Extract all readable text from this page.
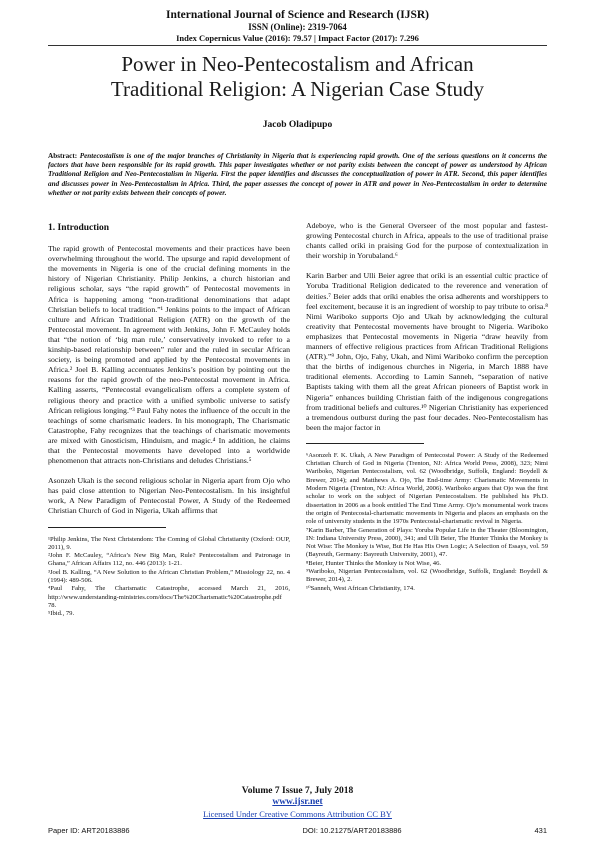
International Journal of Science and Research (IJSR)
ISSN (Online): 2319-7064
Index Copernicus Value (2016): 79.57 | Impact Factor (2017): 7.296
Power in Neo-Pentecostalism and African
Traditional Religion: A Nigerian Case Study
Jacob Oladipupo
Abstract: Pentecostalism is one of the major branches of Christianity in Nigeria that is experiencing rapid growth. One of the serious questions on it concerns the factors that have been responsible for its rapid growth. This paper investigates whether or not parity exists between the concept of power as understood by African Traditional Religion and Neo-Pentecostalism in Nigeria. First the paper identifies and discusses the conceptualization of power in ATR. Second, this paper identifies and discusses power in Neo-Pentecostalism in Africa. Third, the paper assesses the concept of power in ATR and power in Neo-Pentecostalism in order to determine whether or not parity exists between their concepts of power.
1. Introduction

The rapid growth of Pentecostal movements and their practices have been overwhelming throughout the world. The upsurge and rapid development of the movements in Nigeria is one of the crucial defining moments in the history of Nigerian Christianity. Philip Jenkins, a church historian and religious scholar, says “the rapid growth” of Pentecostal movements in Africa is happening among “non-traditional denominations that adapt Christian beliefs to local tradition.”¹ Jenkins points to the impact of African culture and African Traditional Religion (ATR) on the growth of the Pentecostal movement. In agreement with Jenkins, John F. McCauley holds that “the notion of ‘big man rule,’ conservatively invoked to refer to a kinship-based relationship between” ruler and the ruled in secular African society, is being promoted and applied by the Pentecostal movements in Africa.² Joel B. Kalling accentuates Jenkins’s position by pointing out the reasons for the rapid growth of the neo-Pentecostal movement in Africa. Kalling asserts, “Pentecostal evangelicalism offers a complete system of religious theory and practice with a unified symbolic universe to satisfy African religious longing.”³ Paul Fahy notes the influence of the occult in the teachings of some charismatic leaders. In his monograph, The Charismatic Catastrophe, Fahy recognizes that the teachings of charismatic movements are mixed with Gnosticism, Hinduism, and magic.⁴ In addition, he claims that the Pentecostal movements have developed into a worldwide phenomenon that attracts non-Christians and deludes Christians.⁵

Asonzeh Ukah is the second religious scholar in Nigeria apart from Ojo who has paid close attention to Nigerian Neo-Pentecostalism. In his insightful work, A New Paradigm of Pentecostal Power, A Study of the Redeemed Christian Church of God in Nigeria, Ukah affirms that

¹Philip Jenkins, The Next Christendom: The Coming of Global Christianity (Oxford: OUP, 2011), 9.
²John F. McCauley, “Africa’s New Big Man, Rule? Pentecostalism and Patronage in Ghana,” African Affairs 112, no. 446 (2013): 1-21.
³Joel B. Kalling, “A New Solution to the African Christian Problem,” Missiology 22, no. 4 (1994): 489-506.
⁴Paul Fahy, The Charismatic Catastrophe, accessed March 21, 2016, http://www.understanding-ministries.com/docs/The%20Charismatic%20Catastrophe.pdf 78.
⁵Ibid., 79.

Adeboye, who is the General Overseer of the most popular and fastest-growing Pentecostal church in Africa, appeals to the use of traditional praise chants called oríkì in praising God for the purpose of contextualization in their worship in Yorubaland.⁶

Karin Barber and Ulli Beier agree that oríkì is an essential cultic practice of Yoruba Traditional Religion dedicated to the reverence and veneration of deities.⁷ Beier adds that oríkì enables the orisa adherents and worshippers to feel excitement, because it is an ingredient of worship to pay tribute to orisa.⁸ Nimi Wariboko supports Ojo and Ukah by acknowledging the cultural creativity that Pentecostal movements have brought to Nigeria. Wariboko emphasizes that Pentecostal movements in Nigeria “draw heavily from manners of effective religious practices from African Traditional Religions (ATR).”⁹ John, Ojo, Fahy, Ukah, and Nimi Wariboko confirm the perception that the births of indigenous churches in Nigeria, in March 1888 have traditional elements. According to Lamin Sanneh, “separation of native Baptists taking with them all the great African pioneers of Baptist work in Nigeria” enhances building Christian faith of the indigenous congregations from traditional beliefs and cultures.¹⁰ Nigerian Christianity has experienced a tremendous outburst during the past four decades. Neo-Pentecostalism has been the major factor in

⁶Asonzeh F. K. Ukah, A New Paradigm of Pentecostal Power: A Study of the Redeemed Christian Church of God in Nigeria (Trenton, NJ: Africa World Press, 2008), 323; Nimi Wariboko, Nigerian Pentecostalism, vol. 62 (Woodbridge, Suffolk, England: Boydell & Brewer, 2014); and Matthews A. Ojo, The End-time Army: Charismatic Movements in Modern Nigeria (Trenton, NJ: Africa World, 2006). Wariboko argues that Ojo was the first scholar to work on the subject of Nigerian Pentecostalism. He published his Ph.D. dissertation in 2006 as a book entitled The End Time Army. Ojo’s monumental work traces the origin of Pentecostal-charismatic movements in Nigeria and places an emphasis on the role of university students in the 1970s Pentecostal-charismatic revival in Nigeria.
⁷Karin Barber, The Generation of Plays: Yoruba Popular Life in the Theater (Bloomington, IN: Indiana University Press, 2000), 341; and Ulli Beier, The Hunter Thinks the Monkey is Not Wise: The Monkey is Wise, But He Has His Own Logic; A Selection of Essays, vol. 59 (Bayreuth, Germany: Bayreuth University, 2001), 47.
⁸Beier, Hunter Thinks the Monkey is Not Wise, 46.
⁹Wariboko, Nigerian Pentecostalism, vol. 62 (Woodbridge, Suffolk, England: Boydell & Brewer, 2014), 2.
¹⁰Sanneh, West African Christianity, 174.
Volume 7 Issue 7, July 2018
www.ijsr.net
Licensed Under Creative Commons Attribution CC BY
Paper ID: ART20183886	DOI: 10.21275/ART20183886	431
